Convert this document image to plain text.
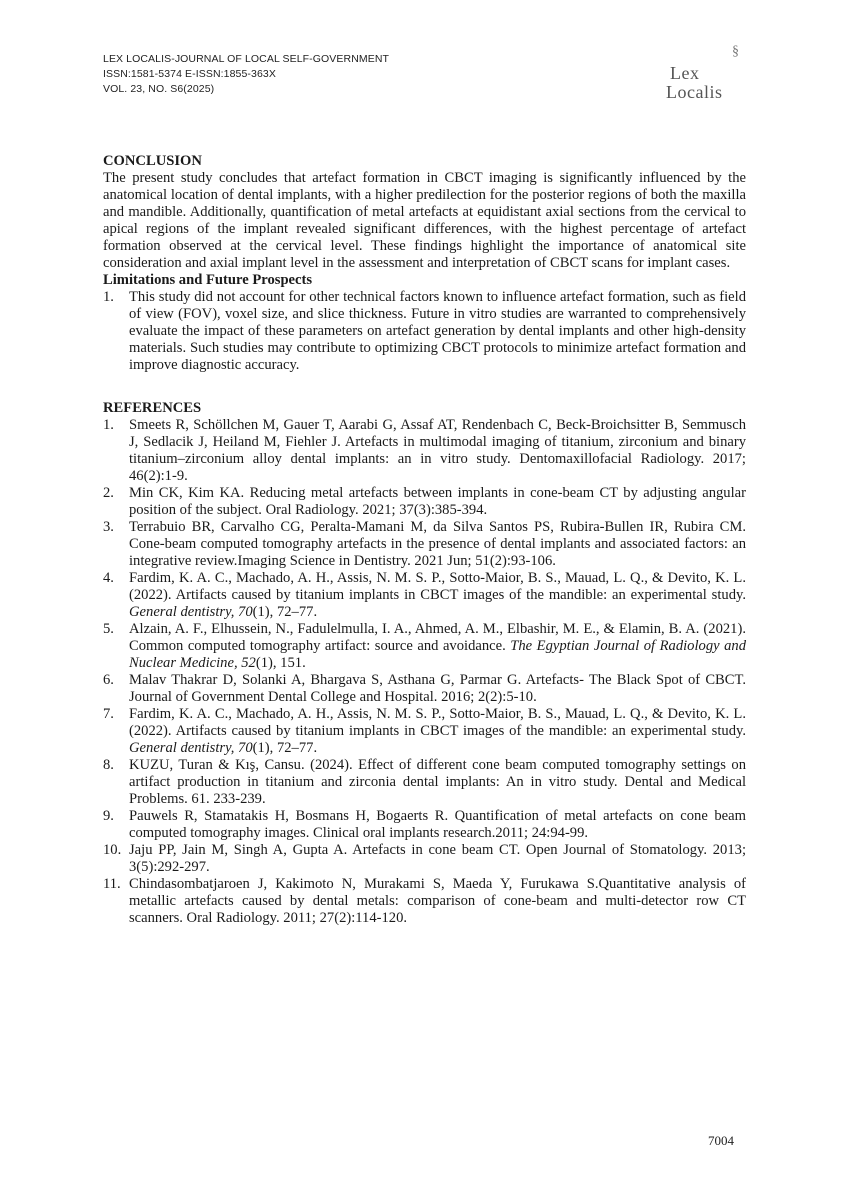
LEX LOCALIS-JOURNAL OF LOCAL SELF-GOVERNMENT
ISSN:1581-5374 E-ISSN:1855-363X
VOL. 23, NO. S6(2025)
§
Lex
Localis

CONCLUSION

The present study concludes that artefact formation in CBCT imaging is significantly influenced by the anatomical location of dental implants, with a higher predilection for the posterior regions of both the maxilla and mandible. Additionally, quantification of metal artefacts at equidistant axial sections from the cervical to apical regions of the implant revealed significant differences, with the highest percentage of artefact formation observed at the cervical level. These findings highlight the importance of anatomical site consideration and axial implant level in the assessment and interpretation of CBCT scans for implant cases.

Limitations and Future Prospects

1.	This study did not account for other technical factors known to influence artefact formation, such as field of view (FOV), voxel size, and slice thickness. Future in vitro studies are warranted to comprehensively evaluate the impact of these parameters on artefact generation by dental implants and other high-density materials. Such studies may contribute to optimizing CBCT protocols to minimize artefact formation and improve diagnostic accuracy.

REFERENCES

1.	Smeets R, Schöllchen M, Gauer T, Aarabi G, Assaf AT, Rendenbach C, Beck-Broichsitter B, Semmusch J, Sedlacik J, Heiland M, Fiehler J. Artefacts in multimodal imaging of titanium, zirconium and binary titanium–zirconium alloy dental implants: an in vitro study. Dentomaxillofacial Radiology. 2017; 46(2):1-9.
2.	Min CK, Kim KA. Reducing metal artefacts between implants in cone-beam CT by adjusting angular position of the subject. Oral Radiology. 2021; 37(3):385-394.
3.	Terrabuio BR, Carvalho CG, Peralta-Mamani M, da Silva Santos PS, Rubira-Bullen IR, Rubira CM. Cone-beam computed tomography artefacts in the presence of dental implants and associated factors: an integrative review.Imaging Science in Dentistry. 2021 Jun; 51(2):93-106.
4.	Fardim, K. A. C., Machado, A. H., Assis, N. M. S. P., Sotto-Maior, B. S., Mauad, L. Q., & Devito, K. L. (2022). Artifacts caused by titanium implants in CBCT images of the mandible: an experimental study. General dentistry, 70(1), 72–77.
5.	Alzain, A. F., Elhussein, N., Fadulelmulla, I. A., Ahmed, A. M., Elbashir, M. E., & Elamin, B. A. (2021). Common computed tomography artifact: source and avoidance. The Egyptian Journal of Radiology and Nuclear Medicine, 52(1), 151.
6.	Malav Thakrar D, Solanki A, Bhargava S, Asthana G, Parmar G. Artefacts- The Black Spot of CBCT. Journal of Government Dental College and Hospital. 2016; 2(2):5-10.
7.	Fardim, K. A. C., Machado, A. H., Assis, N. M. S. P., Sotto-Maior, B. S., Mauad, L. Q., & Devito, K. L. (2022). Artifacts caused by titanium implants in CBCT images of the mandible: an experimental study. General dentistry, 70(1), 72–77.
8.	KUZU, Turan & Kış, Cansu. (2024). Effect of different cone beam computed tomography settings on artifact production in titanium and zirconia dental implants: An in vitro study. Dental and Medical Problems. 61. 233-239.
9.	Pauwels R, Stamatakis H, Bosmans H, Bogaerts R. Quantification of metal artefacts on cone beam computed tomography images. Clinical oral implants research.2011; 24:94-99.
10. Jaju PP, Jain M, Singh A, Gupta A. Artefacts in cone beam CT. Open Journal of Stomatology. 2013; 3(5):292-297.
11. Chindasombatjaroen J, Kakimoto N, Murakami S, Maeda Y, Furukawa S.Quantitative analysis of metallic artefacts caused by dental metals: comparison of cone-beam and multi-detector row CT scanners. Oral Radiology. 2011; 27(2):114-120.
7004
